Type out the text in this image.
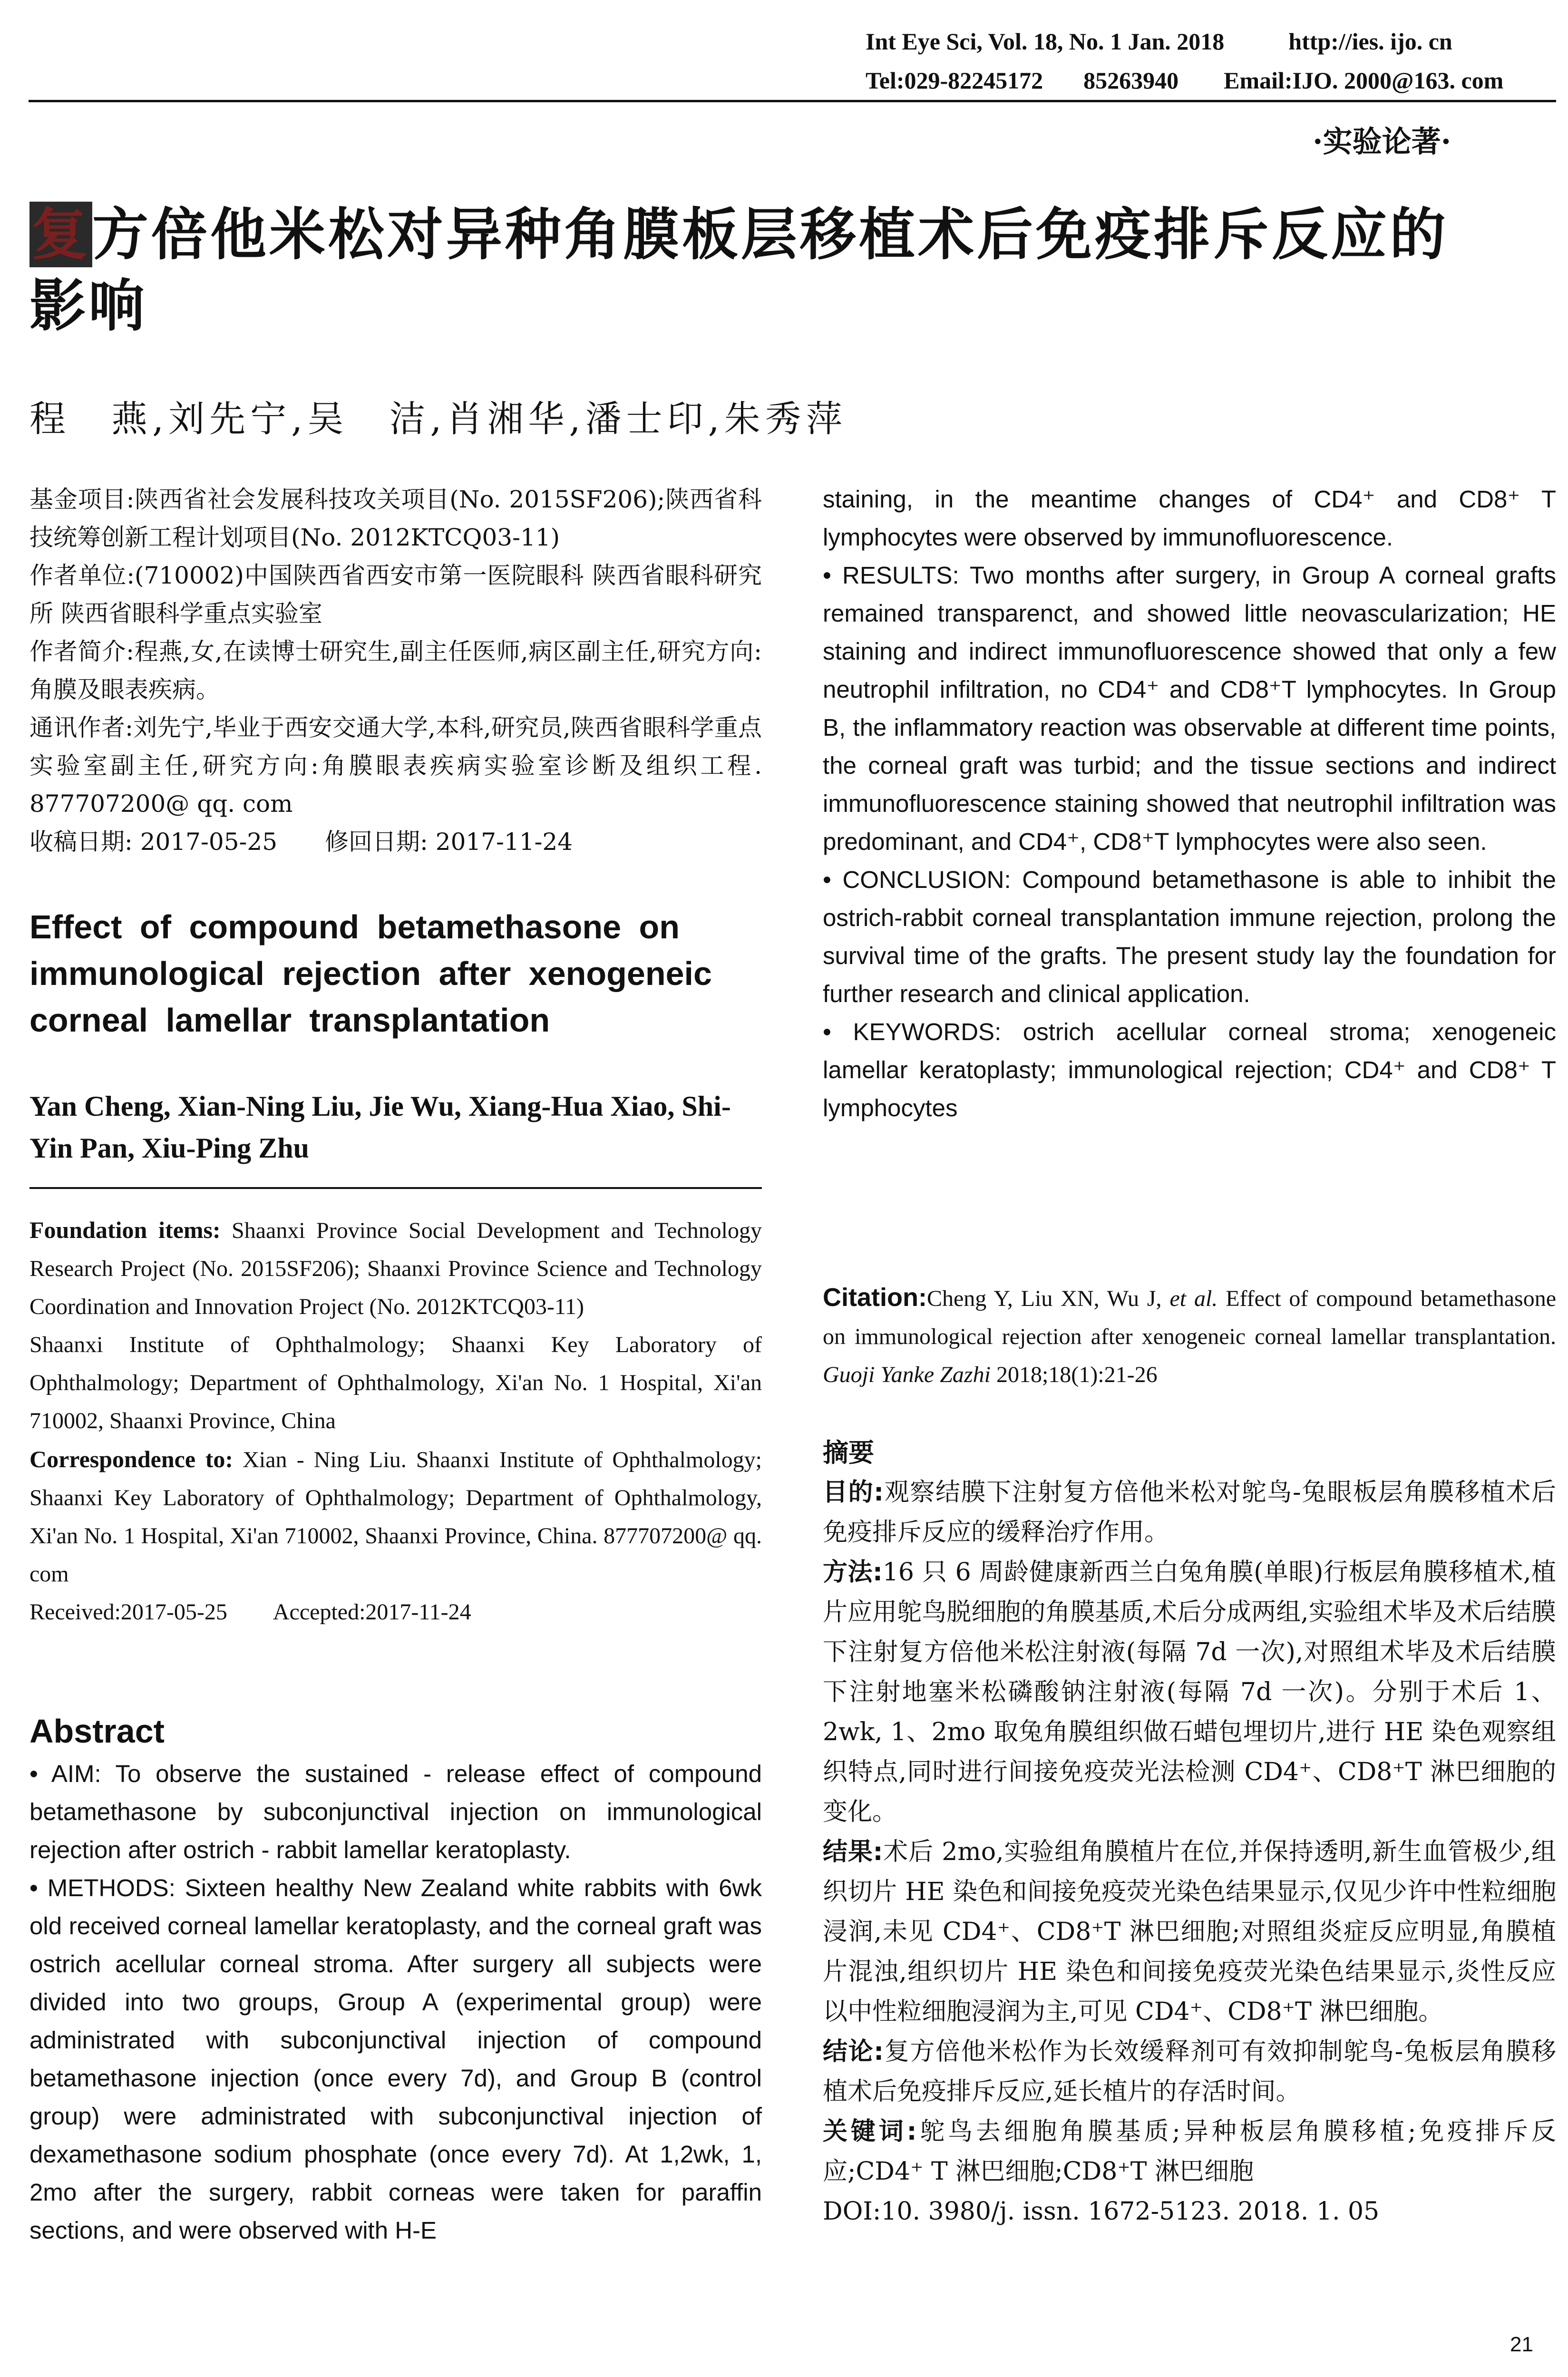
Int Eye Sci, Vol. 18, No. 1 Jan. 2018	http://ies. ijo. cn
Tel:029-82245172 85263940 Email:IJO. 2000@163. com
·实验论著·
复方倍他米松对异种角膜板层移植术后免疫排斥反应的
影响
程　燕,刘先宁,吴　洁,肖湘华,潘士印,朱秀萍

基金项目:陕西省社会发展科技攻关项目(No. 2015SF206);陕西省科技统筹创新工程计划项目(No. 2012KTCQ03-11)

作者单位:(710002)中国陕西省西安市第一医院眼科 陕西省眼科研究所 陕西省眼科学重点实验室

作者简介:程燕,女,在读博士研究生,副主任医师,病区副主任,研究方向:角膜及眼表疾病。

通讯作者:刘先宁,毕业于西安交通大学,本科,研究员,陕西省眼科学重点实验室副主任,研究方向:角膜眼表疾病实验室诊断及组织工程. 877707200@ qq. com

收稿日期: 2017-05-25　　修回日期: 2017-11-24

Effect of compound betamethasone on immunological rejection after xenogeneic corneal lamellar transplantation
Yan Cheng, Xian-Ning Liu, Jie Wu, Xiang-Hua Xiao, Shi-Yin Pan, Xiu-Ping Zhu

Foundation items: Shaanxi Province Social Development and Technology Research Project (No. 2015SF206); Shaanxi Province Science and Technology Coordination and Innovation Project (No. 2012KTCQ03-11)

Shaanxi Institute of Ophthalmology; Shaanxi Key Laboratory of Ophthalmology; Department of Ophthalmology, Xi'an No. 1 Hospital, Xi'an 710002, Shaanxi Province, China

Correspondence to: Xian - Ning Liu. Shaanxi Institute of Ophthalmology; Shaanxi Key Laboratory of Ophthalmology; Department of Ophthalmology, Xi'an No. 1 Hospital, Xi'an 710002, Shaanxi Province, China. 877707200@ qq. com

Received:2017-05-25　　Accepted:2017-11-24

Abstract

• AIM: To observe the sustained - release effect of compound betamethasone by subconjunctival injection on immunological rejection after ostrich - rabbit lamellar keratoplasty.

• METHODS: Sixteen healthy New Zealand white rabbits with 6wk old received corneal lamellar keratoplasty, and the corneal graft was ostrich acellular corneal stroma. After surgery all subjects were divided into two groups, Group A (experimental group) were administrated with subconjunctival injection of compound betamethasone injection (once every 7d), and Group B (control group) were administrated with subconjunctival injection of dexamethasone sodium phosphate (once every 7d). At 1,2wk, 1, 2mo after the surgery, rabbit corneas were taken for paraffin sections, and were observed with H-E

staining, in the meantime changes of CD4⁺ and CD8⁺ T lymphocytes were observed by immunofluorescence.

• RESULTS: Two months after surgery, in Group A corneal grafts remained transparenct, and showed little neovascularization; HE staining and indirect immunofluorescence showed that only a few neutrophil infiltration, no CD4⁺ and CD8⁺T lymphocytes. In Group B, the inflammatory reaction was observable at different time points, the corneal graft was turbid; and the tissue sections and indirect immunofluorescence staining showed that neutrophil infiltration was predominant, and CD4⁺, CD8⁺T lymphocytes were also seen.

• CONCLUSION: Compound betamethasone is able to inhibit the ostrich-rabbit corneal transplantation immune rejection, prolong the survival time of the grafts. The present study lay the foundation for further research and clinical application.

• KEYWORDS: ostrich acellular corneal stroma; xenogeneic lamellar keratoplasty; immunological rejection; CD4⁺ and CD8⁺ T lymphocytes

Citation:Cheng Y, Liu XN, Wu J, et al. Effect of compound betamethasone on immunological rejection after xenogeneic corneal lamellar transplantation. Guoji Yanke Zazhi 2018;18(1):21-26
摘要

目的:观察结膜下注射复方倍他米松对鸵鸟-兔眼板层角膜移植术后免疫排斥反应的缓释治疗作用。

方法:16 只 6 周龄健康新西兰白兔角膜(单眼)行板层角膜移植术,植片应用鸵鸟脱细胞的角膜基质,术后分成两组,实验组术毕及术后结膜下注射复方倍他米松注射液(每隔 7d 一次),对照组术毕及术后结膜下注射地塞米松磷酸钠注射液(每隔 7d 一次)。分别于术后 1、2wk, 1、2mo 取兔角膜组织做石蜡包埋切片,进行 HE 染色观察组织特点,同时进行间接免疫荧光法检测 CD4⁺、CD8⁺T 淋巴细胞的变化。

结果:术后 2mo,实验组角膜植片在位,并保持透明,新生血管极少,组织切片 HE 染色和间接免疫荧光染色结果显示,仅见少许中性粒细胞浸润,未见 CD4⁺、CD8⁺T 淋巴细胞;对照组炎症反应明显,角膜植片混浊,组织切片 HE 染色和间接免疫荧光染色结果显示,炎性反应以中性粒细胞浸润为主,可见 CD4⁺、CD8⁺T 淋巴细胞。

结论:复方倍他米松作为长效缓释剂可有效抑制鸵鸟-兔板层角膜移植术后免疫排斥反应,延长植片的存活时间。

关键词:鸵鸟去细胞角膜基质;异种板层角膜移植;免疫排斥反应;CD4⁺ T 淋巴细胞;CD8⁺T 淋巴细胞

DOI:10. 3980/j. issn. 1672-5123. 2018. 1. 05

21
